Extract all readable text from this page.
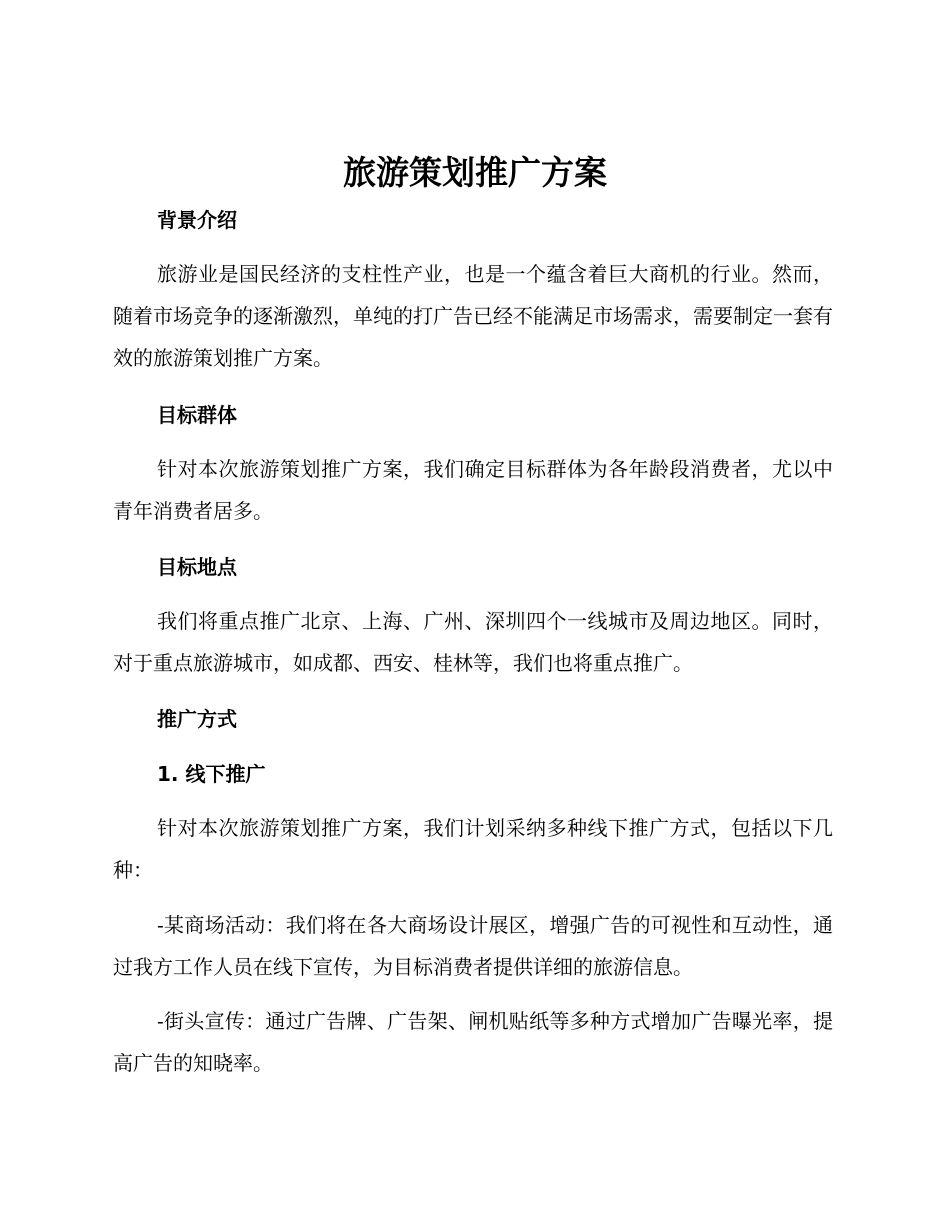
旅游策划推广方案
背景介绍

旅游业是国民经济的支柱性产业，也是一个蕴含着巨大商机的行业。然而，随着市场竞争的逐渐激烈，单纯的打广告已经不能满足市场需求，需要制定一套有效的旅游策划推广方案。

目标群体

针对本次旅游策划推广方案，我们确定目标群体为各年龄段消费者，尤以中青年消费者居多。

目标地点

我们将重点推广北京、上海、广州、深圳四个一线城市及周边地区。同时，对于重点旅游城市，如成都、西安、桂林等，我们也将重点推广。

推广方式
1. 线下推广

针对本次旅游策划推广方案，我们计划采纳多种线下推广方式，包括以下几种：

-某商场活动：我们将在各大商场设计展区，增强广告的可视性和互动性，通过我方工作人员在线下宣传，为目标消费者提供详细的旅游信息。

-街头宣传：通过广告牌、广告架、闸机贴纸等多种方式增加广告曝光率，提高广告的知晓率。
